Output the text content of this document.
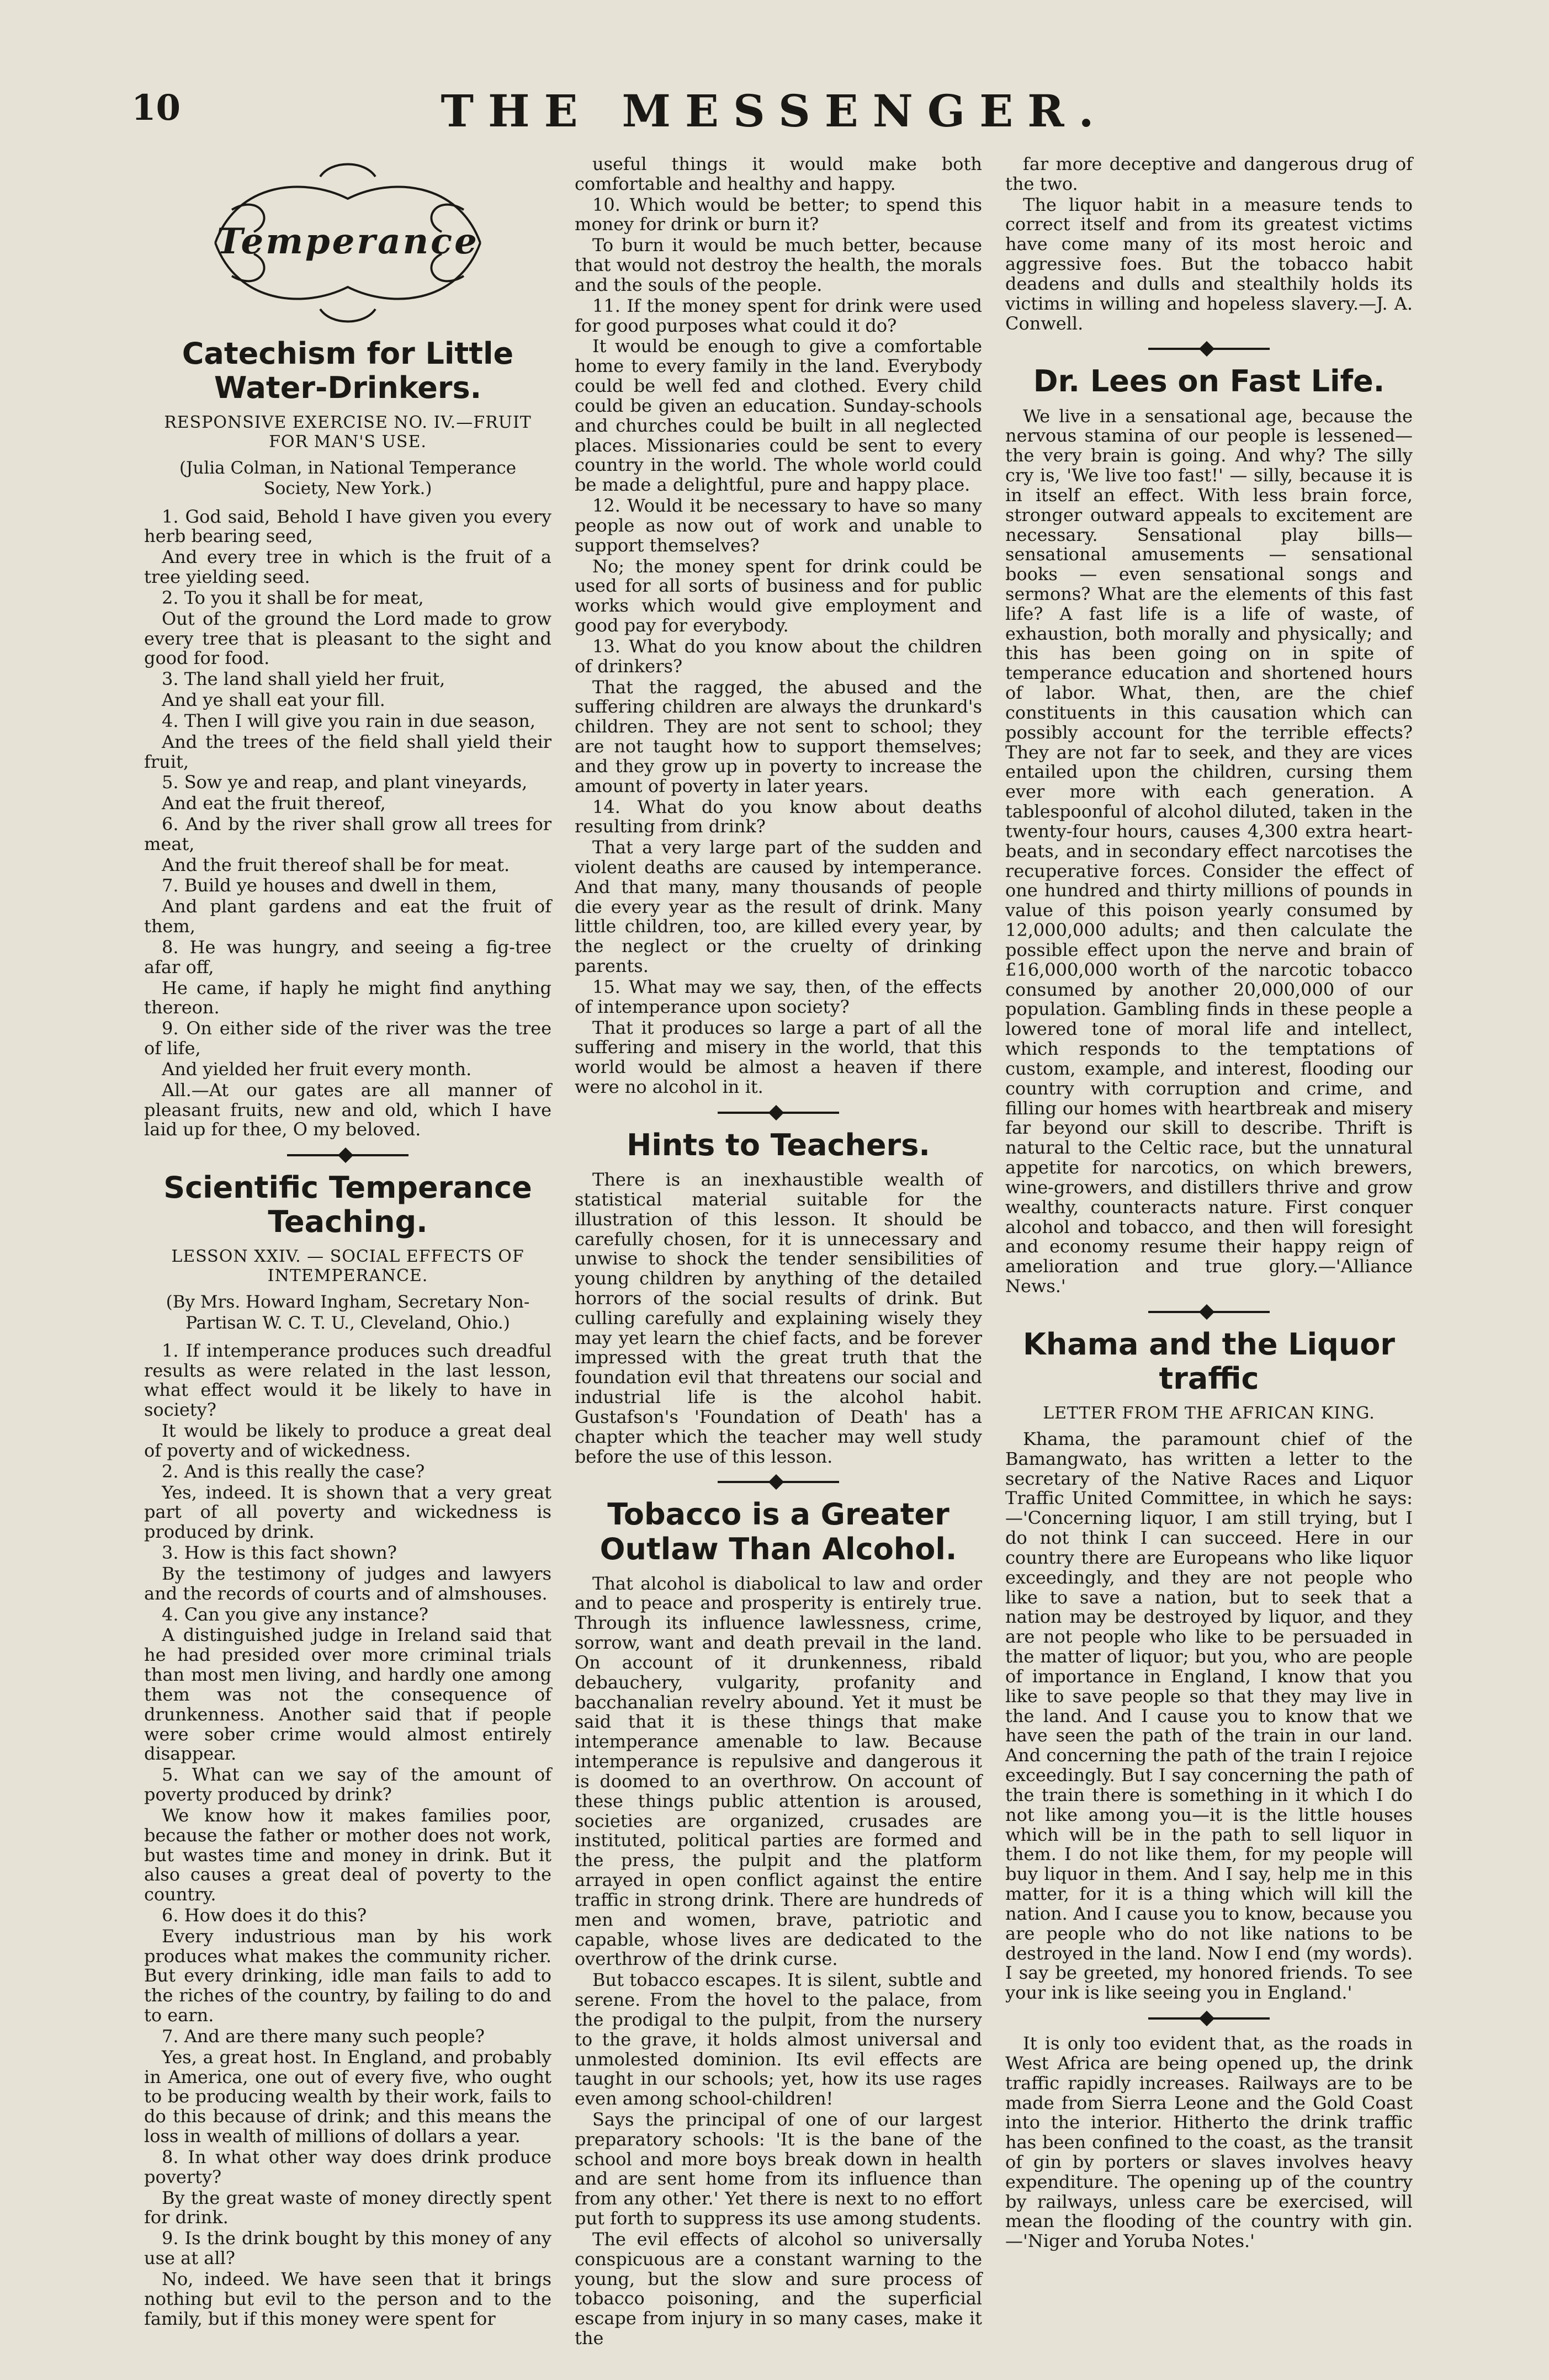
10	THE MESSENGER.
Temperance
Catechism for Little Water-Drinkers.
RESPONSIVE EXERCISE NO. IV.—FRUIT FOR MAN'S USE.
(Julia Colman, in National Temperance Society, New York.)

1. God said, Behold I have given you every herb bearing seed,

And every tree in which is the fruit of a tree yielding seed.

2. To you it shall be for meat,

Out of the ground the Lord made to grow every tree that is pleasant to the sight and good for food.

3. The land shall yield her fruit,

And ye shall eat your fill.

4. Then I will give you rain in due season,

And the trees of the field shall yield their fruit,

5. Sow ye and reap, and plant vineyards,

And eat the fruit thereof,

6. And by the river shall grow all trees for meat,

And the fruit thereof shall be for meat.

7. Build ye houses and dwell in them,

And plant gardens and eat the fruit of them,

8. He was hungry, and seeing a fig-tree afar off,

He came, if haply he might find anything thereon.

9. On either side of the river was the tree of life,

And yielded her fruit every month.

All.—At our gates are all manner of pleasant fruits, new and old, which I have laid up for thee, O my beloved.

Scientific Temperance Teaching.
LESSON XXIV. — SOCIAL EFFECTS OF INTEMPERANCE.
(By Mrs. Howard Ingham, Secretary Non-Partisan W. C. T. U., Cleveland, Ohio.)

1. If intemperance produces such dreadful results as were related in the last lesson, what effect would it be likely to have in society?

It would be likely to produce a great deal of poverty and of wickedness.

2. And is this really the case?

Yes, indeed. It is shown that a very great part of all poverty and wickedness is produced by drink.

3. How is this fact shown?

By the testimony of judges and lawyers and the records of courts and of almshouses.

4. Can you give any instance?

A distinguished judge in Ireland said that he had presided over more criminal trials than most men living, and hardly one among them was not the consequence of drunkenness. Another said that if people were sober crime would almost entirely disappear.

5. What can we say of the amount of poverty produced by drink?

We know how it makes families poor, because the father or mother does not work, but wastes time and money in drink. But it also causes a great deal of poverty to the country.

6. How does it do this?

Every industrious man by his work produces what makes the community richer. But every drinking, idle man fails to add to the riches of the country, by failing to do and to earn.

7. And are there many such people?

Yes, a great host. In England, and probably in America, one out of every five, who ought to be producing wealth by their work, fails to do this because of drink; and this means the loss in wealth of millions of dollars a year.

8. In what other way does drink produce poverty?

By the great waste of money directly spent for drink.

9. Is the drink bought by this money of any use at all?

No, indeed. We have seen that it brings nothing but evil to the person and to the family, but if this money were spent for

useful things it would make both comfortable and healthy and happy.

10. Which would be better; to spend this money for drink or burn it?

To burn it would be much better, because that would not destroy the health, the morals and the souls of the people.

11. If the money spent for drink were used for good purposes what could it do?

It would be enough to give a comfortable home to every family in the land. Everybody could be well fed and clothed. Every child could be given an education. Sunday-schools and churches could be built in all neglected places. Missionaries could be sent to every country in the world. The whole world could be made a delightful, pure and happy place.

12. Would it be necessary to have so many people as now out of work and unable to support themselves?

No; the money spent for drink could be used for all sorts of business and for public works which would give employment and good pay for everybody.

13. What do you know about the children of drinkers?

That the ragged, the abused and the suffering children are always the drunkard's children. They are not sent to school; they are not taught how to support themselves; and they grow up in poverty to increase the amount of poverty in later years.

14. What do you know about deaths resulting from drink?

That a very large part of the sudden and violent deaths are caused by intemperance. And that many, many thousands of people die every year as the result of drink. Many little children, too, are killed every year, by the neglect or the cruelty of drinking parents.

15. What may we say, then, of the effects of intemperance upon society?

That it produces so large a part of all the suffering and misery in the world, that this world would be almost a heaven if there were no alcohol in it.

Hints to Teachers.

There is an inexhaustible wealth of statistical material suitable for the illustration of this lesson. It should be carefully chosen, for it is unnecessary and unwise to shock the tender sensibilities of young children by anything of the detailed horrors of the social results of drink. But culling carefully and explaining wisely they may yet learn the chief facts, and be forever impressed with the great truth that the foundation evil that threatens our social and industrial life is the alcohol habit. Gustafson's 'Foundation of Death' has a chapter which the teacher may well study before the use of this lesson.

Tobacco is a Greater Outlaw Than Alcohol.

That alcohol is diabolical to law and order and to peace and prosperity is entirely true. Through its influence lawlessness, crime, sorrow, want and death prevail in the land. On account of it drunkenness, ribald debauchery, vulgarity, profanity and bacchanalian revelry abound. Yet it must be said that it is these things that make intemperance amenable to law. Because intemperance is repulsive and dangerous it is doomed to an overthrow. On account of these things public attention is aroused, societies are organized, crusades are instituted, political parties are formed and the press, the pulpit and the platform arrayed in open conflict against the entire traffic in strong drink. There are hundreds of men and women, brave, patriotic and capable, whose lives are dedicated to the overthrow of the drink curse.

But tobacco escapes. It is silent, subtle and serene. From the hovel to the palace, from the prodigal to the pulpit, from the nursery to the grave, it holds almost universal and unmolested dominion. Its evil effects are taught in our schools; yet, how its use rages even among school-children!

Says the principal of one of our largest preparatory schools: 'It is the bane of the school and more boys break down in health and are sent home from its influence than from any other.' Yet there is next to no effort put forth to suppress its use among students.

The evil effects of alcohol so universally conspicuous are a constant warning to the young, but the slow and sure process of tobacco poisoning, and the superficial escape from injury in so many cases, make it the

far more deceptive and dangerous drug of the two.

The liquor habit in a measure tends to correct itself and from its greatest victims have come many of its most heroic and aggressive foes. But the tobacco habit deadens and dulls and stealthily holds its victims in willing and hopeless slavery.—J. A. Conwell.

Dr. Lees on Fast Life.

We live in a sensational age, because the nervous stamina of our people is lessened—the very brain is going. And why? The silly cry is, 'We live too fast!' — silly, because it is in itself an effect. With less brain force, stronger outward appeals to excitement are necessary. Sensational play bills—sensational amusements — sensational books — even sensational songs and sermons? What are the elements of this fast life? A fast life is a life of waste, of exhaustion, both morally and physically; and this has been going on in spite of temperance education and shortened hours of labor. What, then, are the chief constituents in this causation which can possibly account for the terrible effects? They are not far to seek, and they are vices entailed upon the children, cursing them ever more with each generation. A tablespoonful of alcohol diluted, taken in the twenty-four hours, causes 4,300 extra heart-beats, and in secondary effect narcotises the recuperative forces. Consider the effect of one hundred and thirty millions of pounds in value of this poison yearly consumed by 12,000,000 adults; and then calculate the possible effect upon the nerve and brain of £16,000,000 worth of the narcotic tobacco consumed by another 20,000,000 of our population. Gambling finds in these people a lowered tone of moral life and intellect, which responds to the temptations of custom, example, and interest, flooding our country with corruption and crime, and filling our homes with heartbreak and misery far beyond our skill to describe. Thrift is natural to the Celtic race, but the unnatural appetite for narcotics, on which brewers, wine-growers, and distillers thrive and grow wealthy, counteracts nature. First conquer alcohol and tobacco, and then will foresight and economy resume their happy reign of amelioration and true glory.—'Alliance News.'

Khama and the Liquor traffic
LETTER FROM THE AFRICAN KING.

Khama, the paramount chief of the Bamangwato, has written a letter to the secretary of the Native Races and Liquor Traffic United Committee, in which he says:—'Concerning liquor, I am still trying, but I do not think I can succeed. Here in our country there are Europeans who like liquor exceedingly, and they are not people who like to save a nation, but to seek that a nation may be destroyed by liquor, and they are not people who like to be persuaded in the matter of liquor; but you, who are people of importance in England, I know that you like to save people so that they may live in the land. And I cause you to know that we have seen the path of the train in our land. And concerning the path of the train I rejoice exceedingly. But I say concerning the path of the train there is something in it which I do not like among you—it is the little houses which will be in the path to sell liquor in them. I do not like them, for my people will buy liquor in them. And I say, help me in this matter, for it is a thing which will kill the nation. And I cause you to know, because you are people who do not like nations to be destroyed in the land. Now I end (my words). I say be greeted, my honored friends. To see your ink is like seeing you in England.'

It is only too evident that, as the roads in West Africa are being opened up, the drink traffic rapidly increases. Railways are to be made from Sierra Leone and the Gold Coast into the interior. Hitherto the drink traffic has been confined to the coast, as the transit of gin by porters or slaves involves heavy expenditure. The opening up of the country by railways, unless care be exercised, will mean the flooding of the country with gin.—'Niger and Yoruba Notes.'
